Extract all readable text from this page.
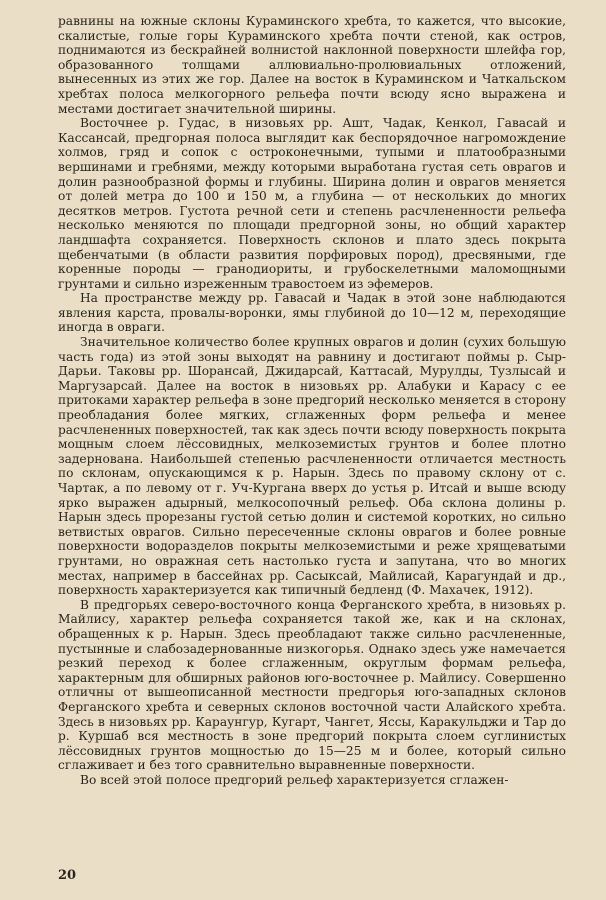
равнины на южные склоны Кураминского хребта, то кажется, что высокие, скалистые, голые горы Кураминского хребта почти стеной, как остров, поднимаются из бескрайней волнистой наклонной поверхности шлейфа гор, образованного толщами аллювиально-пролювиальных отложений, вынесенных из этих же гор. Далее на восток в Кураминском и Чаткальском хребтах полоса мелкогорного рельефа почти всюду ясно выражена и местами достигает значительной ширины.

Восточнее р. Гудас, в низовьях рр. Ашт, Чадак, Кенкол, Гавасай и Кассансай, предгорная полоса выглядит как беспорядочное нагромождение холмов, гряд и сопок с остроконечными, тупыми и платообразными вершинами и гребнями, между которыми выработана густая сеть оврагов и долин разнообразной формы и глубины. Ширина долин и оврагов меняется от долей метра до 100 и 150 м, а глубина — от нескольких до многих десятков метров. Густота речной сети и степень расчлененности рельефа несколько меняются по площади предгорной зоны, но общий характер ландшафта сохраняется. Поверхность склонов и плато здесь покрыта щебенчатыми (в области развития порфировых пород), дресвяными, где коренные породы — гранодиориты, и грубоскелетными маломощными грунтами и сильно изреженным травостоем из эфемеров.

На пространстве между рр. Гавасай и Чадак в этой зоне наблюдаются явления карста, провалы-воронки, ямы глубиной до 10—12 м, переходящие иногда в овраги.

Значительное количество более крупных оврагов и долин (сухих большую часть года) из этой зоны выходят на равнину и достигают поймы р. Сыр-Дарьи. Таковы рр. Шорансай, Джидарсай, Каттасай, Мурулды, Тузлысай и Маргузарсай. Далее на восток в низовьях рр. Алабуки и Карасу с ее притоками характер рельефа в зоне предгорий несколько меняется в сторону преобладания более мягких, сглаженных форм рельефа и менее расчлененных поверхностей, так как здесь почти всюду поверхность покрыта мощным слоем лёссовидных, мелкоземистых грунтов и более плотно задернована. Наибольшей степенью расчлененности отличается местность по склонам, опускающимся к р. Нарын. Здесь по правому склону от с. Чартак, а по левому от г. Уч-Кургана вверх до устья р. Итсай и выше всюду ярко выражен адырный, мелкосопочный рельеф. Оба склона долины р. Нарын здесь прорезаны густой сетью долин и системой коротких, но сильно ветвистых оврагов. Сильно пересеченные склоны оврагов и более ровные поверхности водоразделов покрыты мелкоземистыми и реже хрящеватыми грунтами, но овражная сеть настолько густа и запутана, что во многих местах, например в бассейнах рр. Сасыксай, Майлисай, Карагундай и др., поверхность характеризуется как типичный бедленд (Ф. Махачек, 1912).

В предгорьях северо-восточного конца Ферганского хребта, в низовьях р. Майлису, характер рельефа сохраняется такой же, как и на склонах, обращенных к р. Нарын. Здесь преобладают также сильно расчлененные, пустынные и слабозадернованные низкогорья. Однако здесь уже намечается резкий переход к более сглаженным, округлым формам рельефа, характерным для обширных районов юго-восточнее р. Майлису. Совершенно отличны от вышеописанной местности предгорья юго-западных склонов Ферганского хребта и северных склонов восточной части Алайского хребта. Здесь в низовьях рр. Караунгур, Кугарт, Чангет, Яссы, Каракульджи и Тар до р. Куршаб вся местность в зоне предгорий покрыта слоем суглинистых лёссовидных грунтов мощностью до 15—25 м и более, который сильно сглаживает и без того сравнительно выравненные поверхности.

Во всей этой полосе предгорий рельеф характеризуется сглажен-

20
